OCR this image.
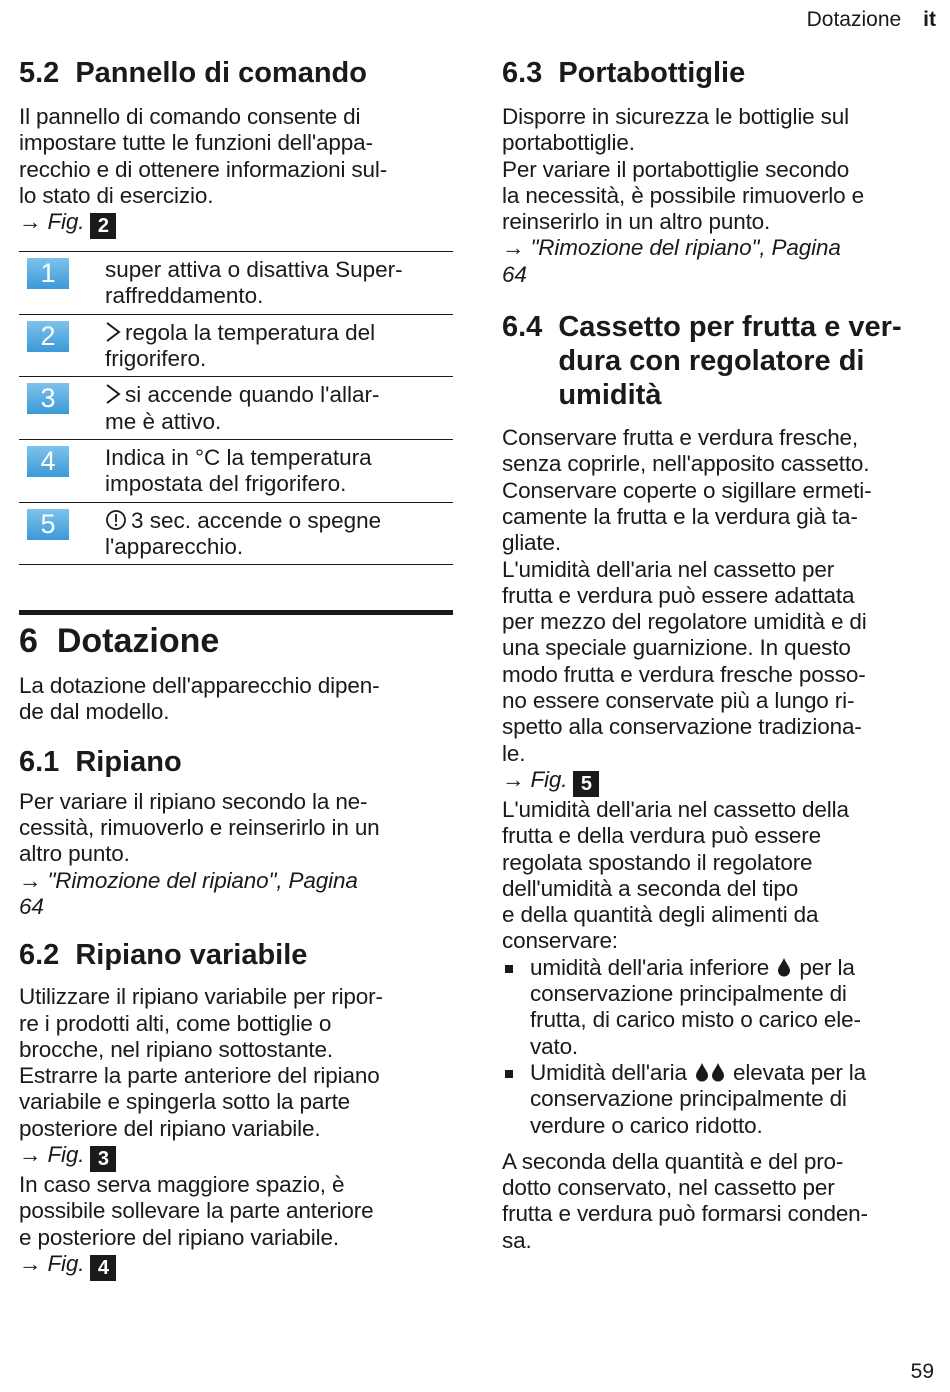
Dotazione it
5.2 Pannello di comando

Il pannello di comando consente di
impostare tutte le funzioni dell'appa-
recchio e di ottenere informazioni sul-
lo stato di esercizio.

→ Fig. 2

1	super attiva o disattiva Super-
raffreddamento.
2	regola la temperatura del
frigorifero.
3	si accende quando l'allar-
me è attivo.
4	Indica in °C la temperatura
impostata del frigorifero.
5	3 sec. accende o spegne
l'apparecchio.
6 Dotazione

La dotazione dell'apparecchio dipen-
de dal modello.

6.1 Ripiano

Per variare il ripiano secondo la ne-
cessità, rimuoverlo e reinserirlo in un
altro punto.

→ "Rimozione del ripiano", Pagina
64

6.2 Ripiano variabile

Utilizzare il ripiano variabile per ripor-
re i prodotti alti, come bottiglie o
brocche, nel ripiano sottostante.
Estrarre la parte anteriore del ripiano
variabile e spingerla sotto la parte
posteriore del ripiano variabile.

→ Fig. 3

In caso serva maggiore spazio, è
possibile sollevare la parte anteriore
e posteriore del ripiano variabile.

→ Fig. 4

6.3 Portabottiglie

Disporre in sicurezza le bottiglie sul
portabottiglie.
Per variare il portabottiglie secondo
la necessità, è possibile rimuoverlo e
reinserirlo in un altro punto.

→ "Rimozione del ripiano", Pagina
64

6.4 Cassetto per frutta e ver-
dura con regolatore di
umidità

Conservare frutta e verdura fresche,
senza coprirle, nell'apposito cassetto.
Conservare coperte o sigillare ermeti-
camente la frutta e la verdura già ta-
gliate.
L'umidità dell'aria nel cassetto per
frutta e verdura può essere adattata
per mezzo del regolatore umidità e di
una speciale guarnizione. In questo
modo frutta e verdura fresche posso-
no essere conservate più a lungo ri-
spetto alla conservazione tradiziona-
le.

→ Fig. 5

L'umidità dell'aria nel cassetto della
frutta e della verdura può essere
regolata spostando il regolatore
dell'umidità a seconda del tipo
e della quantità degli alimenti da
conservare:

umidità dell'aria inferiore per la
conservazione principalmente di
frutta, di carico misto o carico ele-
vato.
Umidità dell'aria elevata per la
conservazione principalmente di
verdure o carico ridotto.

A seconda della quantità e del pro-
dotto conservato, nel cassetto per
frutta e verdura può formarsi conden-
sa.

59
